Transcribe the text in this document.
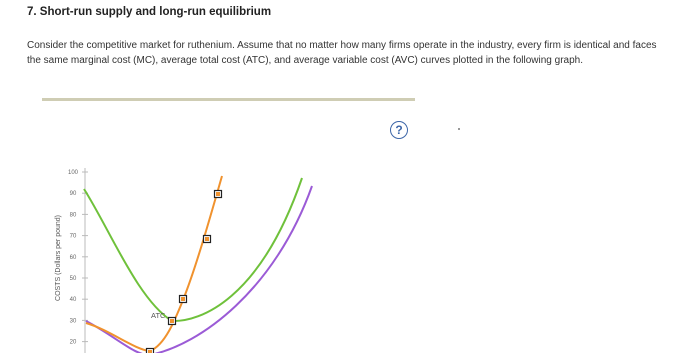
7. Short-run supply and long-run equilibrium
Consider the competitive market for ruthenium. Assume that no matter how many firms operate in the industry, every firm is identical and faces the same marginal cost (MC), average total cost (ATC), and average variable cost (AVC) curves plotted in the following graph.
?
COSTS (Dollars per pound)
100
90
80
70
60
50
40
30
20
ATC
